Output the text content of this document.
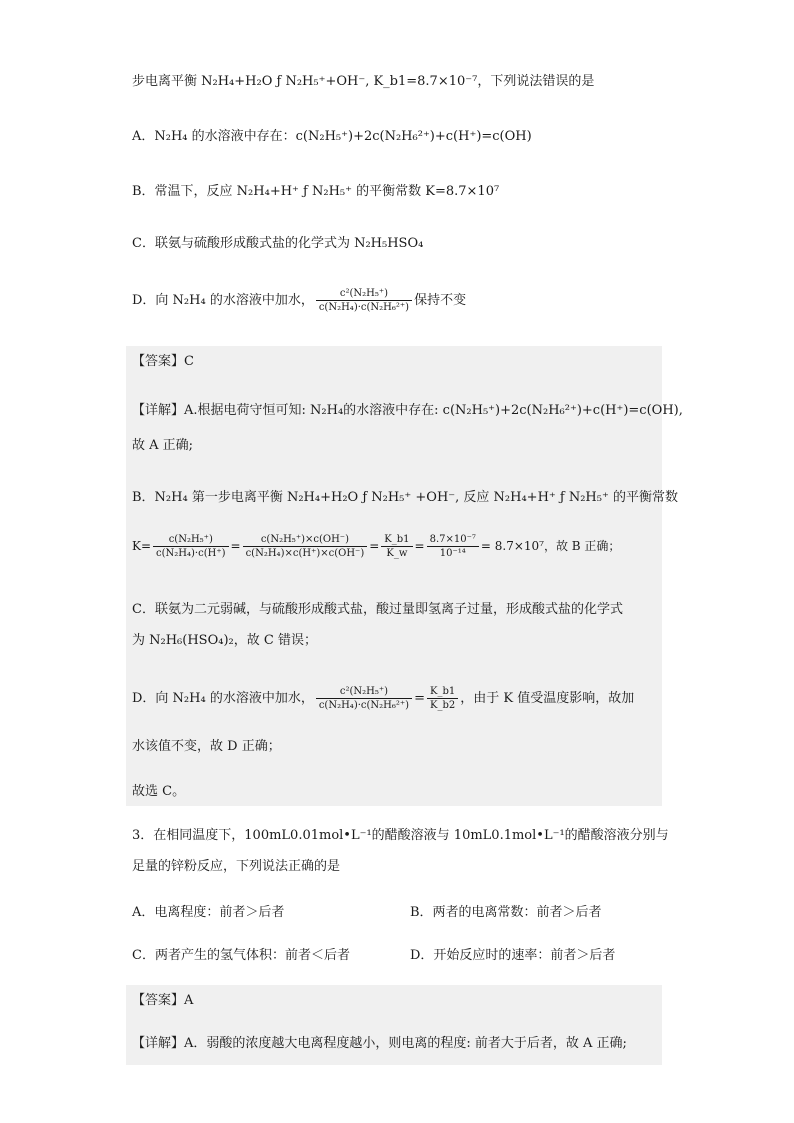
步电离平衡 N₂H₄+H₂O ƒ N₂H₅⁺+OH⁻, K_b1=8.7×10⁻⁷，下列说法错误的是
A．N₂H₄ 的水溶液中存在：c(N₂H₅⁺)+2c(N₂H₆²⁺)+c(H⁺)=c(OH)
B．常温下，反应 N₂H₄+H⁺ ƒ N₂H₅⁺ 的平衡常数 K=8.7×10⁷
C．联氨与硫酸形成酸式盐的化学式为 N₂H₅HSO₄
D．向 N₂H₄ 的水溶液中加水， $\frac{\text{c²(N₂H₅⁺)}}{\text{c(N₂H₄)·c(N₂H₆²⁺)}}$ 保持不变
【答案】C
【详解】A.根据电荷守恒可知: N₂H₄的水溶液中存在: c(N₂H₅⁺)+2c(N₂H₆²⁺)+c(H⁺)=c(OH),
故 A 正确;
B．N₂H₄ 第一步电离平衡 N₂H₄+H₂O ƒ N₂H₅⁺ +OH⁻, 反应 N₂H₄+H⁺ ƒ N₂H₅⁺ 的平衡常数
$K= \frac{\text{c(N₂H₅⁺)}}{\text{c(N₂H₄)·c(H⁺)}} = \frac{\text{c(N₂H₅⁺)×c(OH⁻)}}{\text{c(N₂H₄)×c(H⁺)×c(OH⁻)}} = \frac{K\_b1}{K\_w} = \frac{\text{8.7×10⁻⁷}}{\text{10⁻¹⁴}} = 8.7\times 10^7$，故 B 正确；
C．联氨为二元弱碱，与硫酸形成酸式盐，酸过量即氢离子过量，形成酸式盐的化学式
为 N₂H₆(HSO₄)₂，故 C 错误；
D．向 N₂H₄ 的水溶液中加水， $\frac{\text{c²(N₂H₅⁺)}}{\text{c(N₂H₄)·c(N₂H₆²⁺)}} = \frac{K\_b1}{K\_b2}$ ，由于 K 值受温度影响，故加
水该值不变，故 D 正确；
故选 C。
3．在相同温度下，100mL0.01mol•L⁻¹的醋酸溶液与 10mL0.1mol•L⁻¹的醋酸溶液分别与
足量的锌粉反应，下列说法正确的是
A．电离程度：前者＞后者	B．两者的电离常数：前者＞后者
C．两者产生的氢气体积：前者＜后者	D．开始反应时的速率：前者＞后者
【答案】A
【详解】A．弱酸的浓度越大电离程度越小，则电离的程度: 前者大于后者，故 A 正确;
